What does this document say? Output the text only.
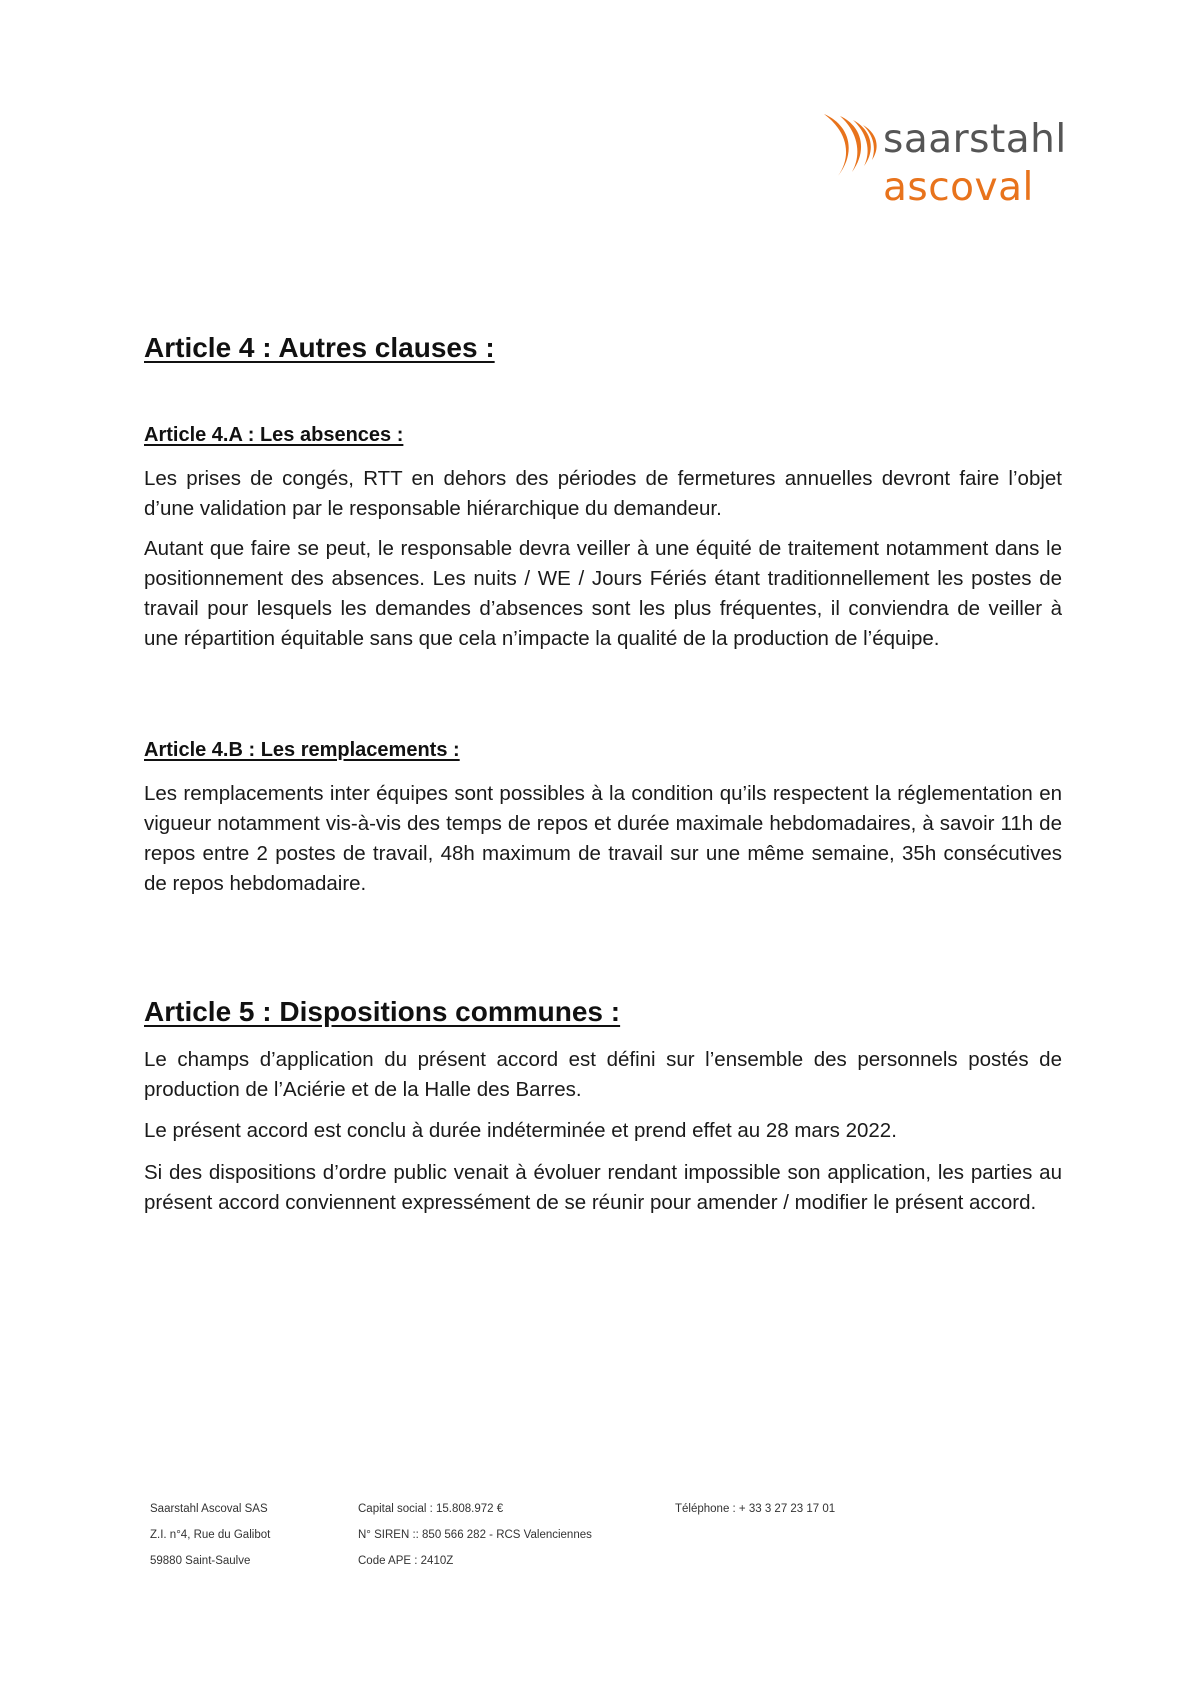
saarstahl
ascoval
Article 4 : Autres clauses :
Article 4.A : Les absences :

Les prises de congés, RTT en dehors des périodes de fermetures annuelles devront faire l’objet d’une validation par le responsable hiérarchique du demandeur.

Autant que faire se peut, le responsable devra veiller à une équité de traitement notamment dans le positionnement des absences. Les nuits / WE / Jours Fériés étant traditionnellement les postes de travail pour lesquels les demandes d’absences sont les plus fréquentes, il conviendra de veiller à une répartition équitable sans que cela n’impacte la qualité de la production de l’équipe.

Article 4.B : Les remplacements :

Les remplacements inter équipes sont possibles à la condition qu’ils respectent la réglementation en vigueur notamment vis-à-vis des temps de repos et durée maximale hebdomadaires, à savoir 11h de repos entre 2 postes de travail, 48h maximum de travail sur une même semaine, 35h consécutives de repos hebdomadaire.

Article 5 : Dispositions communes :

Le champs d’application du présent accord est défini sur l’ensemble des personnels postés de production de l’Aciérie et de la Halle des Barres.

Le présent accord est conclu à durée indéterminée et prend effet au 28 mars 2022.

Si des dispositions d’ordre public venait à évoluer rendant impossible son application, les parties au présent accord conviennent expressément de se réunir pour amender / modifier le présent accord.

Saarstahl Ascoval SAS
Z.I. n°4, Rue du Galibot
59880 Saint-Saulve
Capital social : 15.808.972 €
N° SIREN :: 850 566 282 - RCS Valenciennes
Code APE : 2410Z
Téléphone : + 33 3 27 23 17 01
